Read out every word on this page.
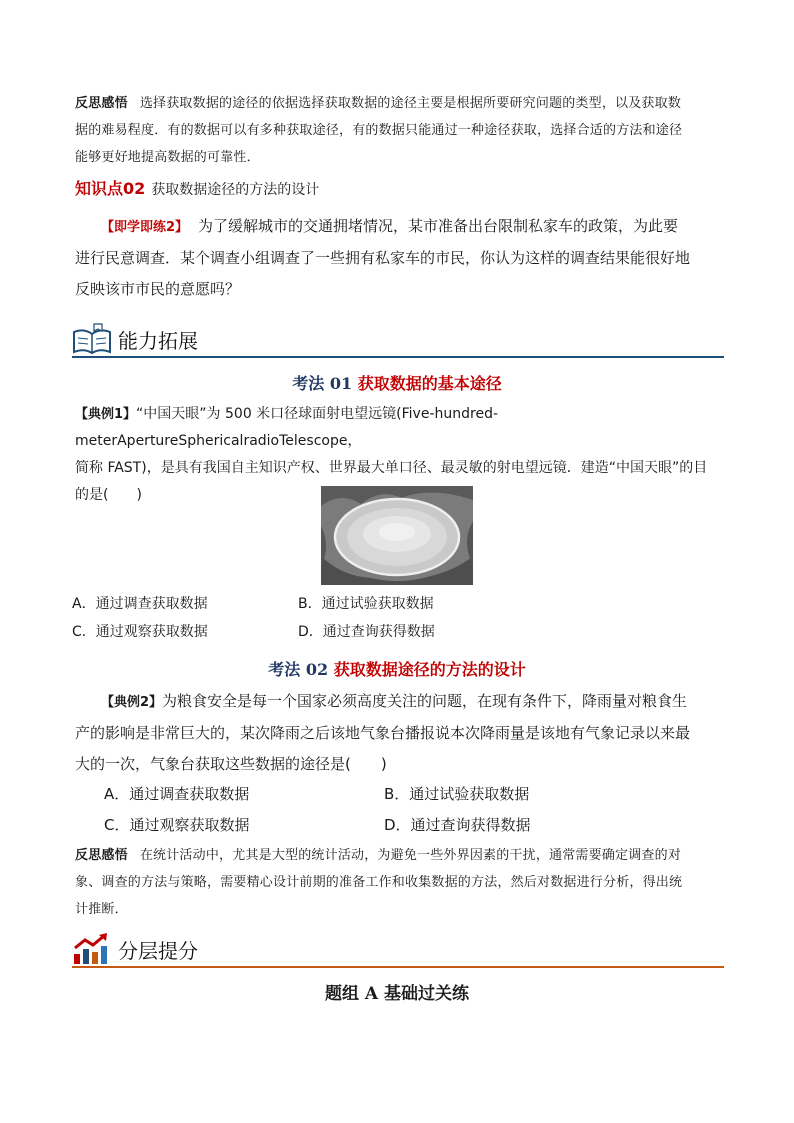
反思感悟 选择获取数据的途径的依据选择获取数据的途径主要是根据所要研究问题的类型，以及获取数
据的难易程度．有的数据可以有多种获取途径，有的数据只能通过一种途径获取，选择合适的方法和途径
能够更好地提高数据的可靠性．
知识点02 获取数据途径的方法的设计
【即学即练2】 为了缓解城市的交通拥堵情况，某市准备出台限制私家车的政策，为此要
进行民意调查．某个调查小组调查了一些拥有私家车的市民，你认为这样的调查结果能很好地
反映该市市民的意愿吗？
能力拓展
考法 01 获取数据的基本途径
【典例1】“中国天眼”为 500 米口径球面射电望远镜(Five-hundred-meterApertureSphericalradioTelescope，
简称 FAST)，是具有我国自主知识产权、世界最大单口径、最灵敏的射电望远镜．建造“中国天眼”的目
的是(　　)
A．通过调查获取数据	B．通过试验获取数据
C．通过观察获取数据	D．通过查询获得数据
考法 02 获取数据途径的方法的设计
【典例2】为粮食安全是每一个国家必须高度关注的问题，在现有条件下，降雨量对粮食生
产的影响是非常巨大的，某次降雨之后该地气象台播报说本次降雨量是该地有气象记录以来最
大的一次，气象台获取这些数据的途径是(　　)
A．通过调查获取数据	B．通过试验获取数据
C．通过观察获取数据	D．通过查询获得数据
反思感悟 在统计活动中，尤其是大型的统计活动，为避免一些外界因素的干扰，通常需要确定调查的对
象、调查的方法与策略，需要精心设计前期的准备工作和收集数据的方法，然后对数据进行分析，得出统
计推断．
分层提分
题组 A 基础过关练
